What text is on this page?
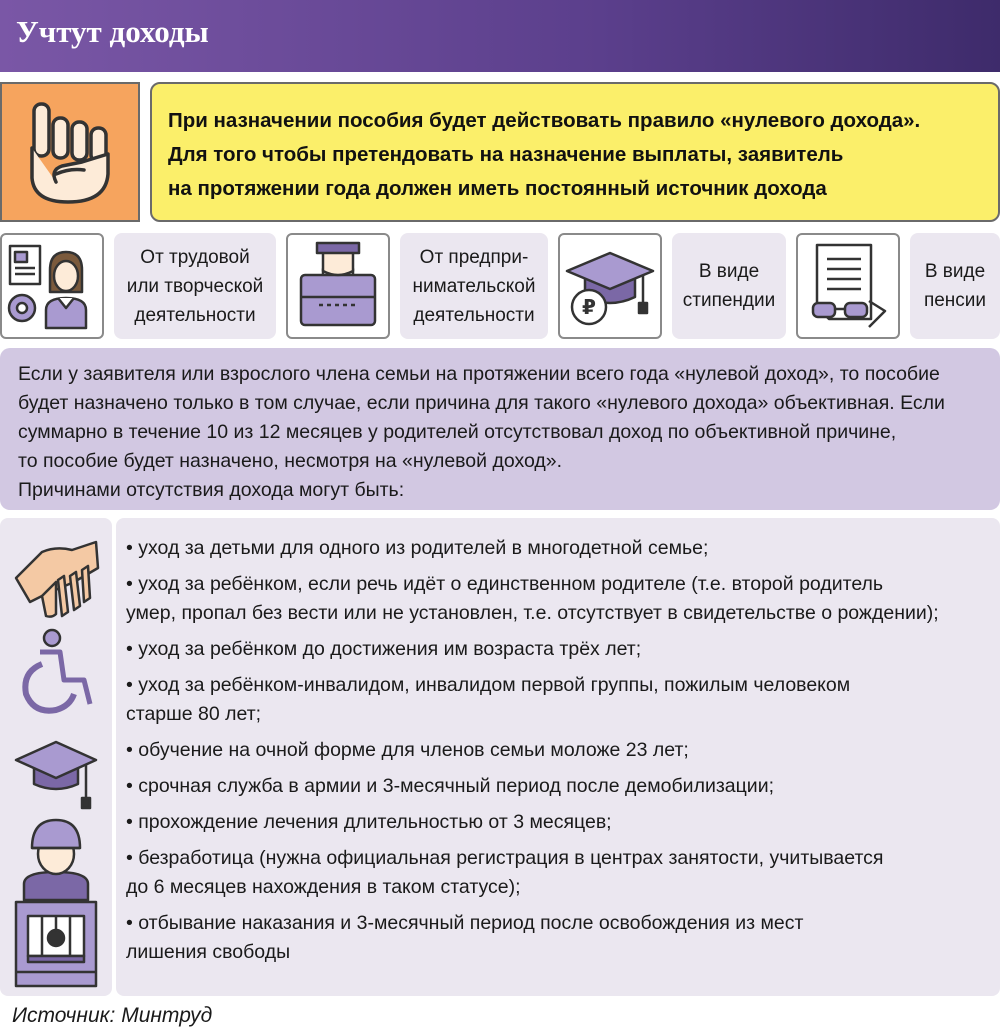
Учтут доходы
При назначении пособия будет действовать правило «нулевого дохода».
Для того чтобы претендовать на назначение выплаты, заявитель
на протяжении года должен иметь постоянный источник дохода
От трудовой
или творческой
деятельности
От предпри-
нимательской
деятельности ₽
В виде
стипендии
В виде
пенсии
Если у заявителя или взрослого члена семьи на протяжении всего года «нулевой доход», то пособие
будет назначено только в том случае, если причина для такого «нулевого дохода» объективная. Если
суммарно в течение 10 из 12 месяцев у родителей отсутствовал доход по объективной причине,
то пособие будет назначено, несмотря на «нулевой доход».
Причинами отсутствия дохода могут быть:
• уход за детьми для одного из родителей в многодетной семье;
• уход за ребёнком, если речь идёт о единственном родителе (т.е. второй родитель
умер, пропал без вести или не установлен, т.е. отсутствует в свидетельстве о рождении);
• уход за ребёнком до достижения им возраста трёх лет;
• уход за ребёнком-инвалидом, инвалидом первой группы, пожилым человеком
старше 80 лет;
• обучение на очной форме для членов семьи моложе 23 лет;
• срочная служба в армии и 3-месячный период после демобилизации;
• прохождение лечения длительностью от 3 месяцев;
• безработица (нужна официальная регистрация в центрах занятости, учитывается
до 6 месяцев нахождения в таком статусе);
• отбывание наказания и 3-месячный период после освобождения из мест
лишения свободы
Источник: Минтруд
